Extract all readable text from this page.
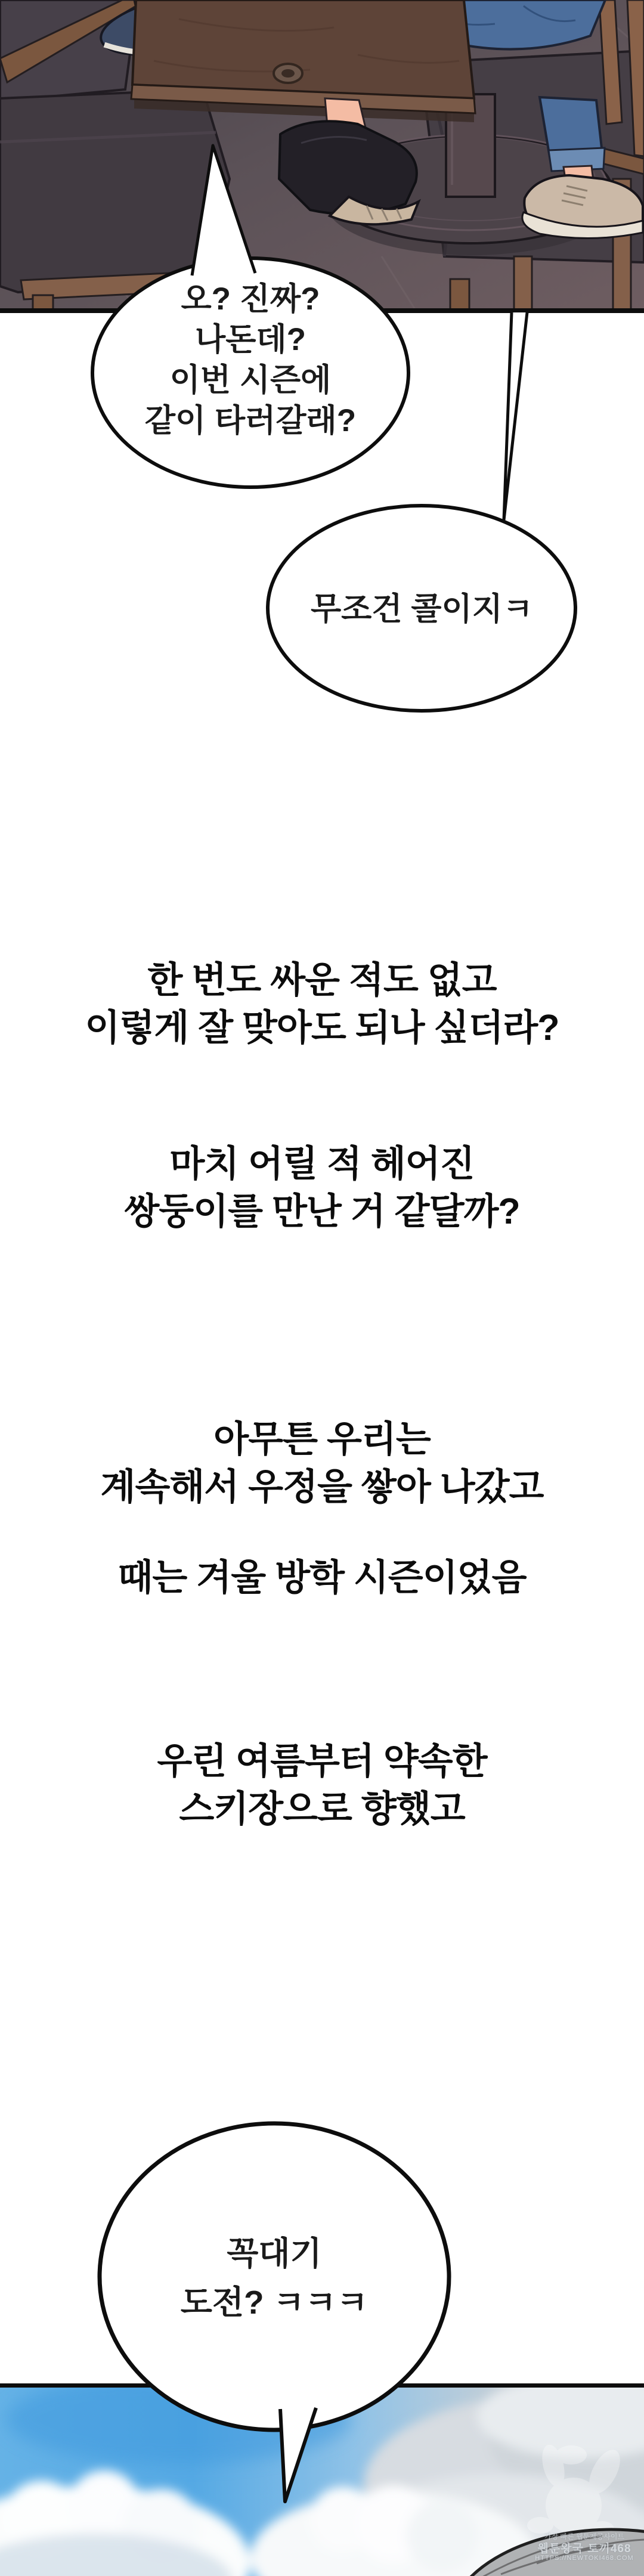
오? 진짜?
나돈데?
이번 시즌에
같이 타러갈래?
무조건 콜이지ㅋ
한 번도 싸운 적도 없고
이렇게 잘 맞아도 되나 싶더라?
마치 어릴 적 헤어진
쌍둥이를 만난 거 같달까?
아무튼 우리는
계속해서 우정을 쌓아 나갔고
때는 겨울 방학 시즌이었음
우린 여름부터 약속한
스키장으로 향했고
가장 빠른 웹툰제공사이트
웹툰왕국 토끼468
HTTPS://NEWTOKI468.COM
꼭대기
도전? ㅋㅋㅋ
